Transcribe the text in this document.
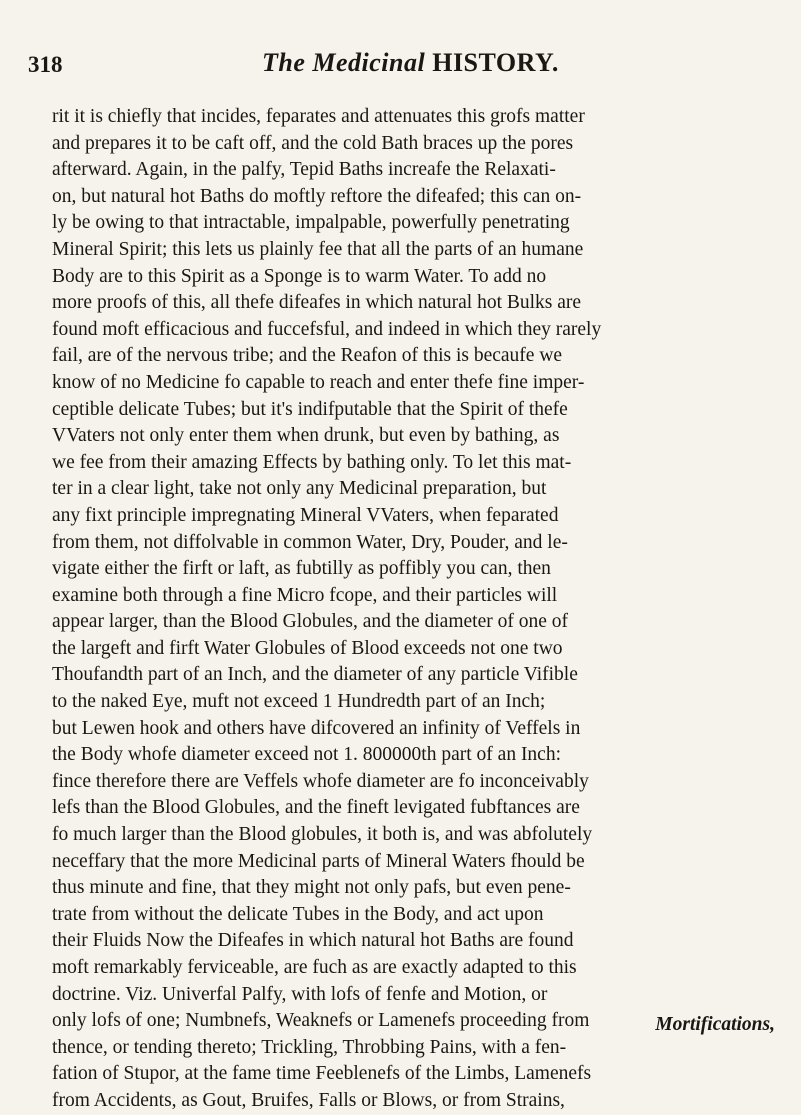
318	The Medicinal HISTORY.
rit it is chiefly that incides, feparates and attenuates this grofs matter
and prepares it to be caft off, and the cold Bath braces up the pores
afterward. Again, in the palfy, Tepid Baths increafe the Relaxati-
on, but natural hot Baths do moftly reftore the difeafed; this can on-
ly be owing to that intractable, impalpable, powerfully penetrating
Mineral Spirit; this lets us plainly fee that all the parts of an humane
Body are to this Spirit as a Sponge is to warm Water. To add no
more proofs of this, all thefe difeafes in which natural hot Bulks are
found moft efficacious and fuccefsful, and indeed in which they rarely
fail, are of the nervous tribe; and the Reafon of this is becaufe we
know of no Medicine fo capable to reach and enter thefe fine imper-
ceptible delicate Tubes; but it's indifputable that the Spirit of thefe
VVaters not only enter them when drunk, but even by bathing, as
we fee from their amazing Effects by bathing only. To let this mat-
ter in a clear light, take not only any Medicinal preparation, but
any fixt principle impregnating Mineral VVaters, when feparated
from them, not diffolvable in common Water, Dry, Pouder, and le-
vigate either the firft or laft, as fubtilly as poffibly you can, then
examine both through a fine Micro fcope, and their particles will
appear larger, than the Blood Globules, and the diameter of one of
the largeft and firft Water Globules of Blood exceeds not one two
Thoufandth part of an Inch, and the diameter of any particle Vifible
to the naked Eye, muft not exceed 1 Hundredth part of an Inch;
but Lewen hook and others have difcovered an infinity of Veffels in
the Body whofe diameter exceed not 1. 800000th part of an Inch:
fince therefore there are Veffels whofe diameter are fo inconceivably
lefs than the Blood Globules, and the fineft levigated fubftances are
fo much larger than the Blood globules, it both is, and was abfolutely
neceffary that the more Medicinal parts of Mineral Waters fhould be
thus minute and fine, that they might not only pafs, but even pene-
trate from without the delicate Tubes in the Body, and act upon
their Fluids Now the Difeafes in which natural hot Baths are found
moft remarkably ferviceable, are fuch as are exactly adapted to this
doctrine. Viz. Univerfal Palfy, with lofs of fenfe and Motion, or
only lofs of one; Numbnefs, Weaknefs or Lamenefs proceeding from
thence, or tending thereto; Trickling, Throbbing Pains, with a fen-
fation of Stupor, at the fame time Feeblenefs of the Limbs, Lamenefs
from Accidents, as Gout, Bruifes, Falls or Blows, or from Strains,
Mortifications,
